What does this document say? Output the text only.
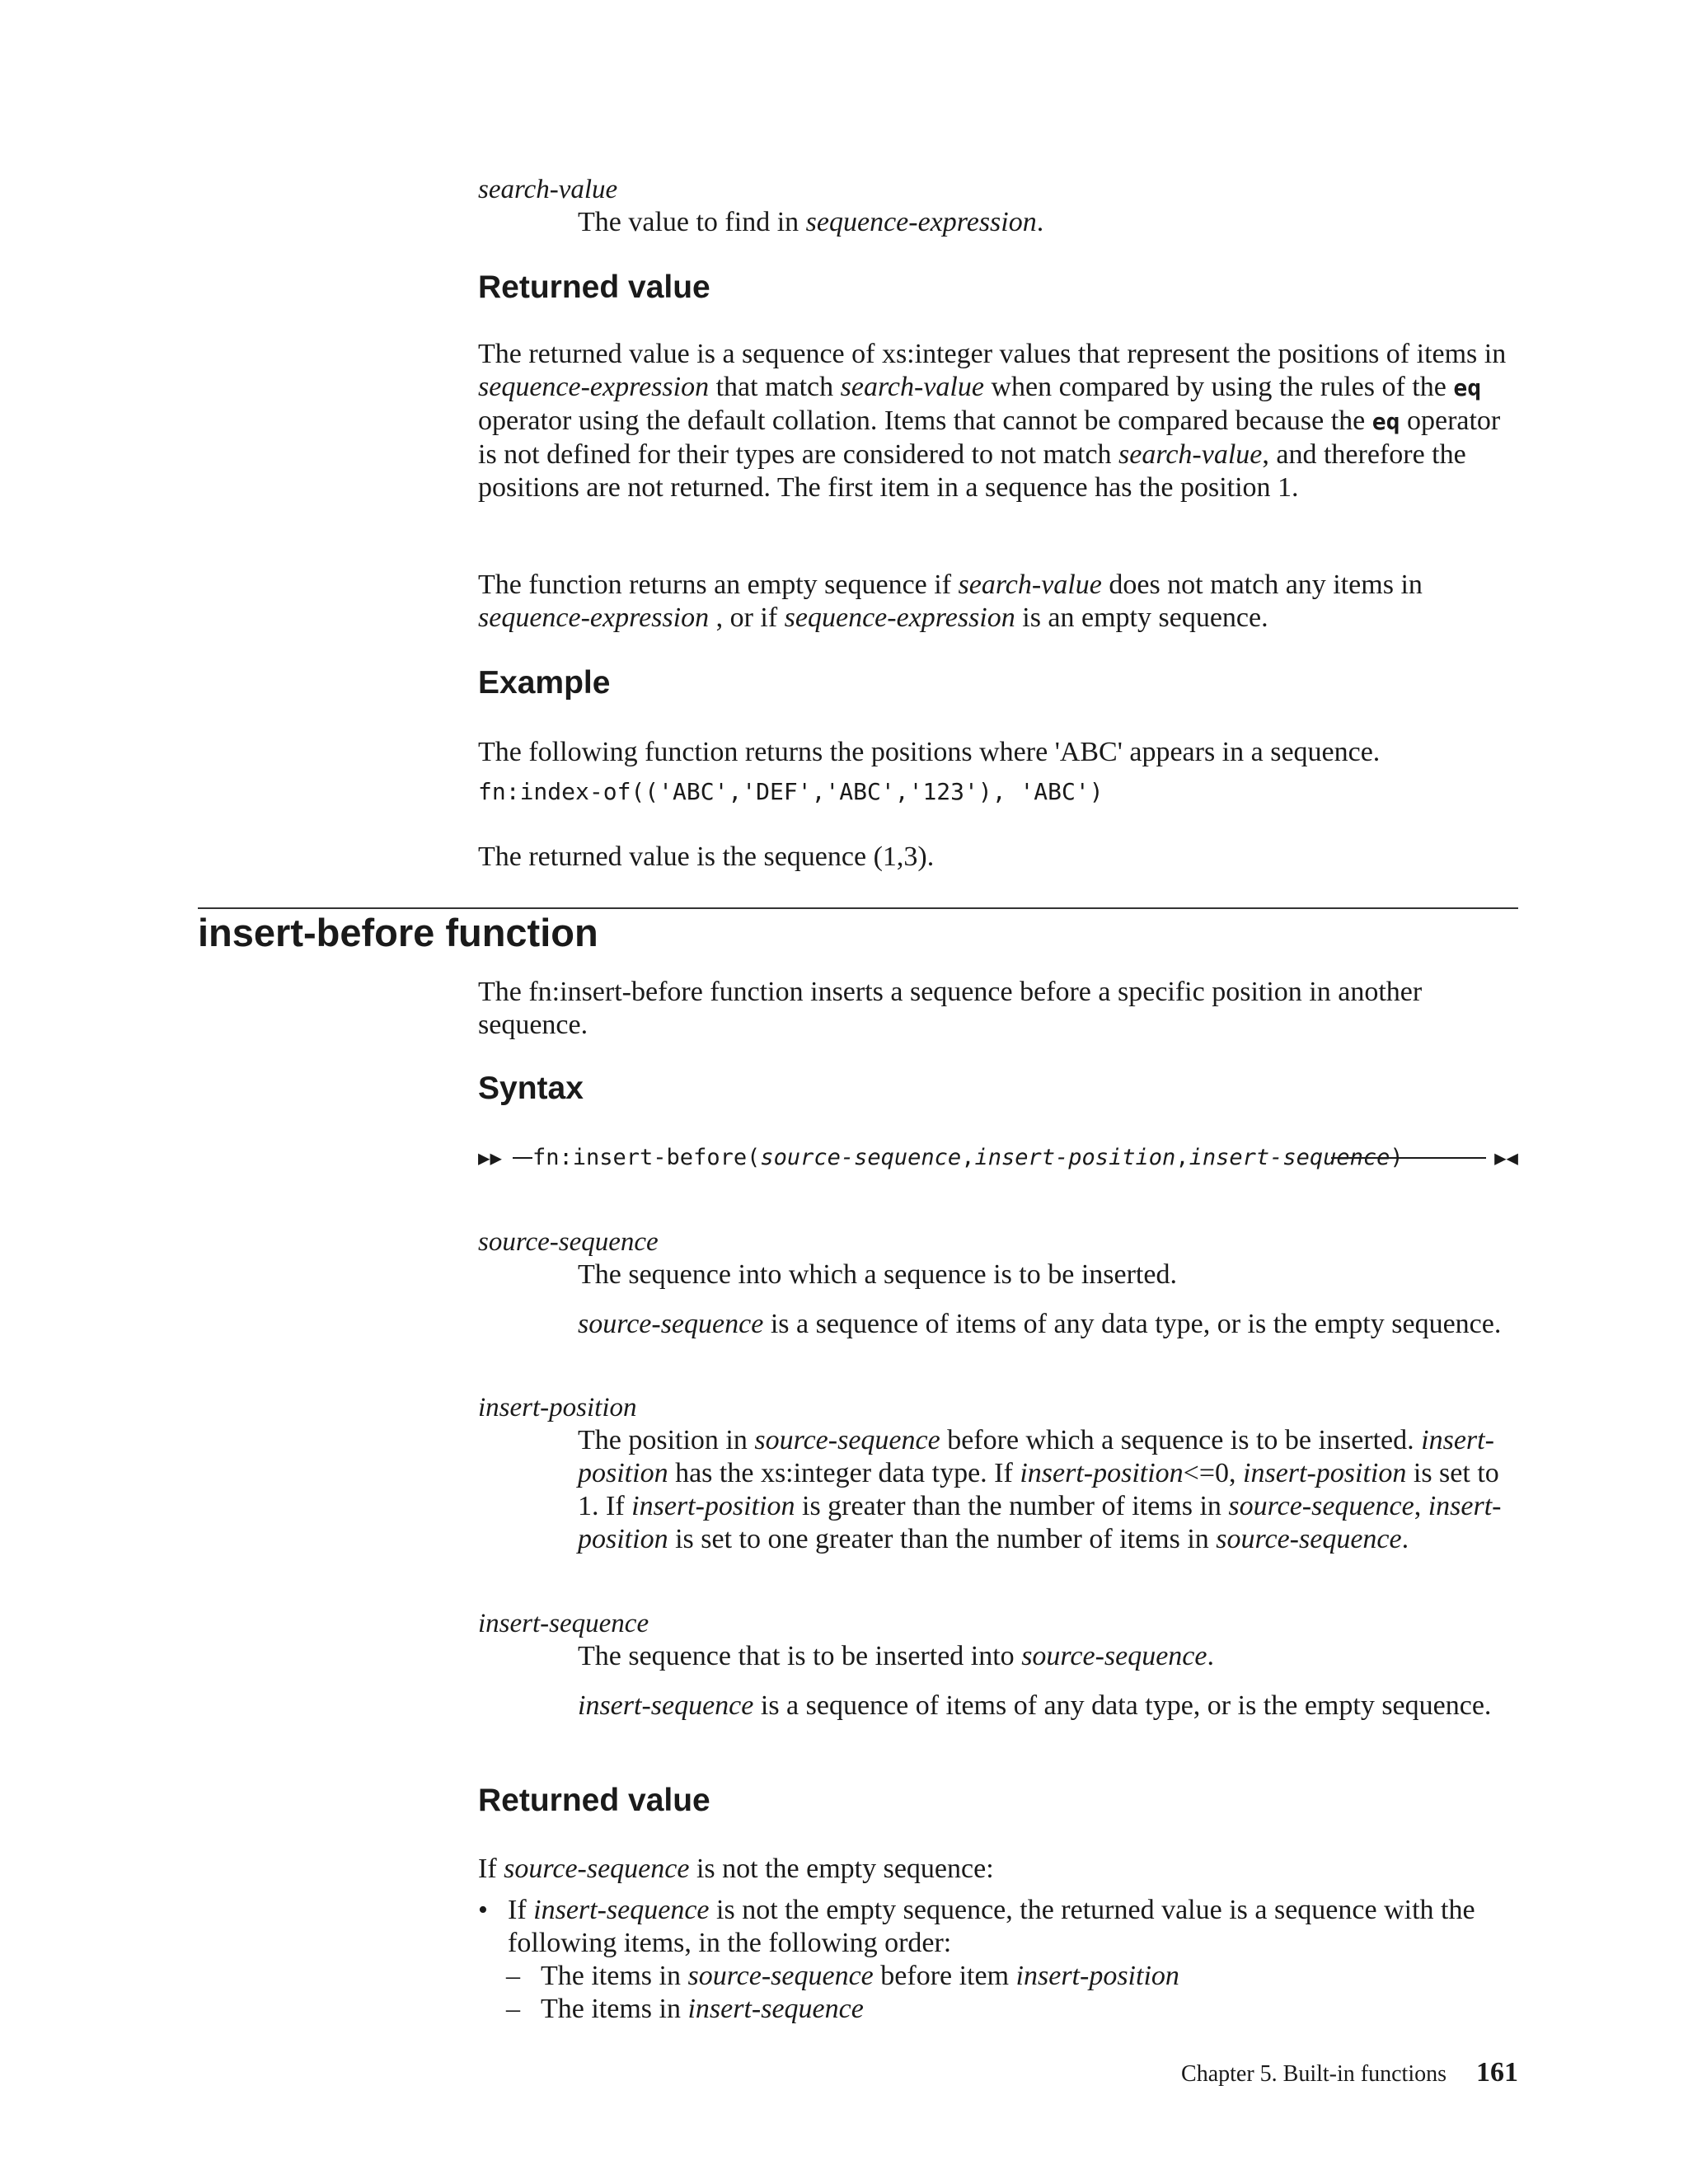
search-value

The value to find in sequence-expression.

Returned value

The returned value is a sequence of xs:integer values that represent the positions of items in sequence-expression that match search-value when compared by using the rules of the eq operator using the default collation. Items that cannot be compared because the eq operator is not defined for their types are considered to not match search-value, and therefore the positions are not returned. The first item in a sequence has the position 1.

The function returns an empty sequence if search-value does not match any items in sequence-expression , or if sequence-expression is an empty sequence.

Example

The following function returns the positions where 'ABC' appears in a sequence.

fn:index-of(('ABC','DEF','ABC','123'), 'ABC')

The returned value is the sequence (1,3).

insert-before function

The fn:insert-before function inserts a sequence before a specific position in another sequence.

Syntax
▶▶ fn:insert-before(source-sequence,insert-position,insert-sequence)	▶◀
source-sequence

The sequence into which a sequence is to be inserted.

source-sequence is a sequence of items of any data type, or is the empty sequence.

insert-position

The position in source-sequence before which a sequence is to be inserted. insert-position has the xs:integer data type. If insert-position<=0, insert-position is set to 1. If insert-position is greater than the number of items in source-sequence, insert-position is set to one greater than the number of items in source-sequence.

insert-sequence

The sequence that is to be inserted into source-sequence.

insert-sequence is a sequence of items of any data type, or is the empty sequence.

Returned value

If source-sequence is not the empty sequence:

• If insert-sequence is not the empty sequence, the returned value is a sequence with the following items, in the following order:

– The items in source-sequence before item insert-position

– The items in insert-sequence

Chapter 5. Built-in functions 161
